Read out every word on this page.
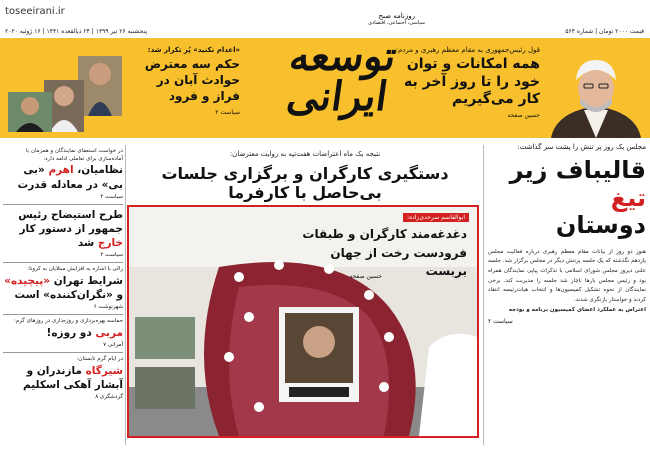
toseeirani.ir
پنجشنبه ۲۶ تیر ۱۳۹۹ | ۲۴ ذیالقعده ۱۴۴۱ | ۱۶ ژوئیه ۲۰۲۰	قیمت ۲۰۰۰ تومان | شماره ۵۶۴
روزنامه صبح
سیاسی، اجتماعی، اقتصادی
توسعه ایرانی
قول رئیس‌جمهوری به مقام معظم رهبری و مردم:
همه امکانات و توان خود را تا روز آخر به کار می‌گیریم
حسین صفحه
«اعدام نکنید» پُر تکرار شد:
حکم سه معترض حوادث آبان در فراز و فرود
سیاست ۲
نتیجه یک ماه اعتراضات هفت‌تپه به روایت معترضان:
دستگیری کارگران و برگزاری جلسات بی‌حاصل با کارفرما
ابوالقاسم سرحدی‌زاده:
دغدغه‌مند کارگران و طبقات فرودست رخت از جهان بربست
حسین صفحه
مجلس یک روز پر تنش را پشت سر گذاشت:
قالیباف زیر تیغ
دوستان
هنوز دو روز از بیانات مقام معظم رهبری درباره فعالیت مجلس یازدهم نگذشته که یک جلسه پرتنش دیگر در مجلس برگزار شد. جلسه علنی دیروز مجلس شورای اسلامی با تذکرات پیاپی نمایندگان همراه بود و رئیس مجلس بارها ناچار شد جلسه را مدیریت کند. برخی نمایندگان از نحوه تشکیل کمیسیون‌ها و انتخاب هیات‌رئیسه انتقاد کردند و خواستار بازنگری شدند.
اعتراض به عملکرد اعضای کمیسیون برنامه و بودجه
سیاست ۲
در خواست استعفای نمایندگان و همزمان با آماده‌سازی برای تعاملی ادامه دارد:
نظامیان، اهرم «بی بی» در معادله قدرت
سیاست ۲
طرح استیضاح رئیس جمهور از دستور کار خارج شد
سیاست ۲
زالی با اشاره به افزایش مبتلایان به کرونا:
شرایط تهران «پیچیده» و «نگران‌کننده» است
شهرنوشت ۶
حماسه بهره‌برداری و روزه‌داری در روزهای گرم:
مربی دو روزه!
آمرانی ۷
در ایام گرم تابستان:
شیرگاه مازندران و آبشار آهکی اسکلیم
گردشگری ۸
